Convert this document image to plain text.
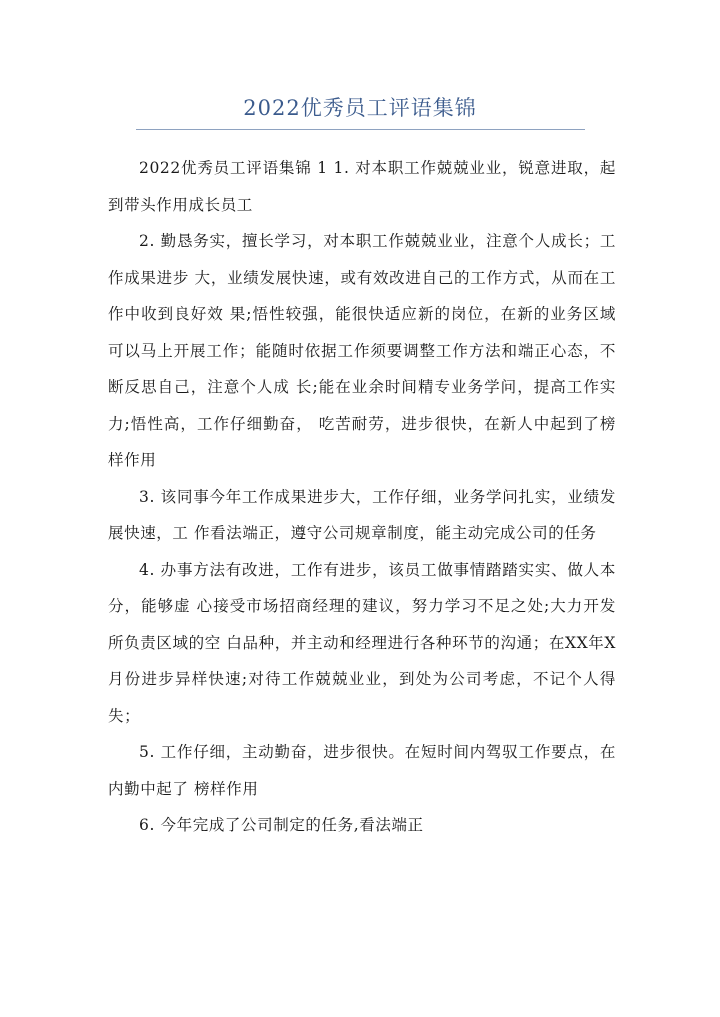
2022优秀员工评语集锦

2022优秀员工评语集锦 1 1. 对本职工作兢兢业业，锐意进取，起到带头作用成长员工

2. 勤恳务实，擅长学习，对本职工作兢兢业业，注意个人成长；工作成果进步 大，业绩发展快速，或有效改进自己的工作方式，从而在工作中收到良好效 果;悟性较强，能很快适应新的岗位，在新的业务区域可以马上开展工作；能随时依据工作须要调整工作方法和端正心态，不断反思自己，注意个人成 长;能在业余时间精专业务学问，提高工作实力;悟性高，工作仔细勤奋， 吃苦耐劳，进步很快，在新人中起到了榜样作用

3. 该同事今年工作成果进步大，工作仔细，业务学问扎实，业绩发展快速，工 作看法端正，遵守公司规章制度，能主动完成公司的任务

4. 办事方法有改进，工作有进步，该员工做事情踏踏实实、做人本分，能够虚 心接受市场招商经理的建议，努力学习不足之处;大力开发所负责区域的空 白品种，并主动和经理进行各种环节的沟通；在XX年X月份进步异样快速;对待工作兢兢业业，到处为公司考虑，不记个人得失；

5. 工作仔细，主动勤奋，进步很快。在短时间内驾驭工作要点，在内勤中起了 榜样作用

6. 今年完成了公司制定的任务,看法端正
